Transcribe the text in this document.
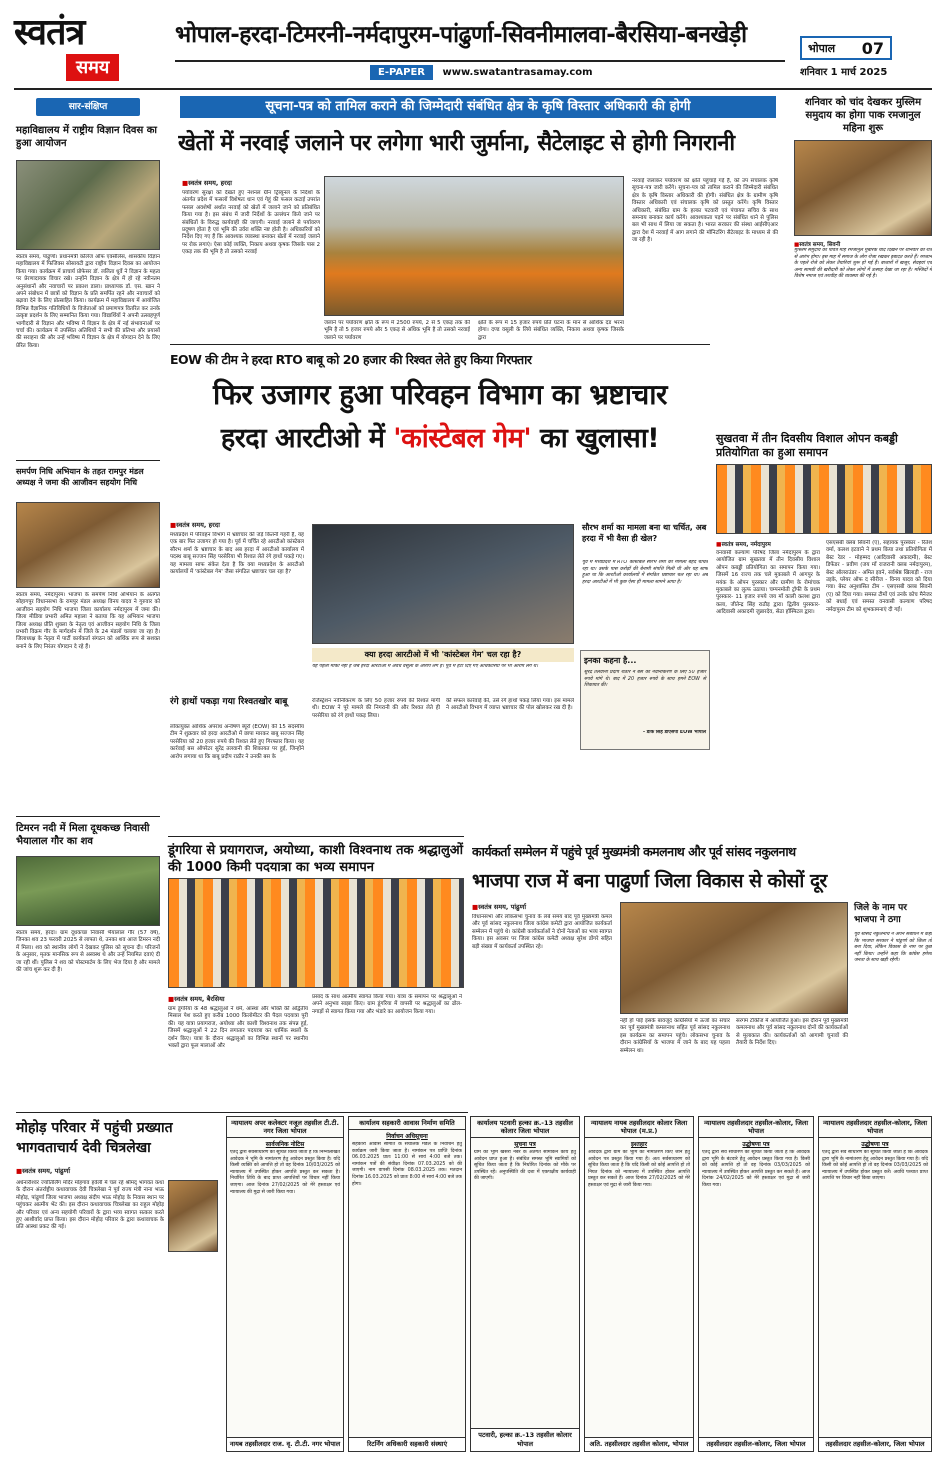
स्वतंत्र
समय
भोपाल-हरदा-टिमरनी-नर्मदापुरम-पांढुर्णा-सिवनीमालवा-बैरसिया-बनखेड़ी
E-PAPER www.swatantrasamay.com
भोपाल 07
शनिवार 1 मार्च 2025
सार-संक्षिप्त
महाविद्यालय में राष्ट्रीय विज्ञान दिवस का हुआ आयोजन
स्वतंत्र समय, पांढुर्णा। प्रधानमंत्री कॉलेज ऑफ एक्सीलेंस, शासकीय विज्ञान महाविद्यालय में फिजिक्स सोसायटी द्वारा राष्ट्रीय विज्ञान दिवस का आयोजन किया गया। कार्यक्रम में प्राचार्य प्रोफेसर डॉ. ललिता धुर्वे ने विज्ञान के महत्व पर प्रेरणादायक विचार रखे। उन्होंने विज्ञान के क्षेत्र में हो रहे नवीनतम अनुसंधानों और नवाचारों पर प्रकाश डाला। प्राध्यापक डॉ. एस. खान ने अपने संबोधन में छात्रों को विज्ञान के प्रति समर्पित रहने और नवाचारों को बढ़ावा देने के लिए प्रोत्साहित किया। कार्यक्रम में महाविद्यालय में आयोजित विभिन्न वैज्ञानिक गतिविधियों के विजेताओं को प्रमाणपत्र वितरित कर उनके उत्कृष्ट प्रदर्शन के लिए सम्मानित किया गया। विद्यार्थियों ने अपनी उत्साहपूर्ण भागीदारी से विज्ञान और भविष्य में विज्ञान के क्षेत्र में नई संभावनाओं पर चर्चा की। कार्यक्रम में उपस्थित अतिथियों ने सभी की प्रतिभा और प्रयासों की सराहना की और उन्हें भविष्य में विज्ञान के क्षेत्र में योगदान देने के लिए प्रेरित किया।
समर्पण निधि अभियान के तहत रामपुर मंडल अध्यक्ष ने जमा की आजीवन सहयोग निधि
स्वतंत्र समय, नर्मदापुरम। भाजपा के समर्पण निधि अभियान के अंतर्गत सोहागपुर विधानसभा के रामपुर मंडल अध्यक्ष विनय यादव ने गुरुवार को आजीवन सहयोग निधि भाजपा जिला कार्यालय नर्मदापुरम में जमा की। जिला मीडिया प्रभारी अमित महाला ने बताया कि यह अभियान भाजपा जिला अध्यक्ष प्रीति शुक्ला के नेतृत्व एवं आजीवन सहयोग निधि के जिला प्रभारी विक्रम गौर के मार्गदर्शन में जिले के 24 मंडलों चलाया जा रहा है। जिलाध्यक्ष के नेतृत्व में पार्टी कार्यकर्ता संगठन को आर्थिक रूप से सशक्त बनाने के लिए निरंतर योगदान दे रहे हैं।
टिमरन नदी में मिला दूधकच्छ निवासी भैयालाल गौर का शव
स्वतंत्र समय, हरदा। ग्राम दूधकच्छ निवासी भैयालाल गौर (57 वर्ष), जिनका शव 23 फरवरी 2025 से लापता थे, उनका शव आज टिमरन नदी में मिला। शव को स्थानीय लोगों ने देखकर पुलिस को सूचना दी। परिजनों के अनुसार, मृतक मानसिक रूप से अस्वस्थ थे और उन्हें नियमित दवाएं दी जा रही थीं। पुलिस ने शव को पोस्टमार्टम के लिए भेज दिया है और मामले की जांच शुरू कर दी है।
सूचना-पत्र को तामिल कराने की जिम्मेदारी संबंधित क्षेत्र के कृषि विस्तार अधिकारी की होगी
खेतों में नरवाई जलाने पर लगेगा भारी जुर्माना, सैटेलाइट से होगी निगरानी
■ स्वतंत्र समय, हरदा
पर्यावरण सुरक्षा को देखते हुए नेशनल ग्रीन ट्रिब्यूनल के निर्देशों के अंतर्गत प्रदेश में फसलों विशेषतः धान एवं गेहूं की फसल कटाई उपरांत फसल अवशेषों अर्थात नरवाई को खेतों में जलाने जाने को प्रतिबंधित किया गया है। इस संबंध में जारी निर्देशों के उल्लंघन किये जाने पर संबंधितों के विरुद्ध कार्यवाही की जाएगी। नरवाई जलाने से पर्यावरण प्रदूषण होता है एवं भूमि की उर्वरा शक्ति नष्ट होती है। अधिकारियों को निर्देश दिए गए हैं कि आवश्यक व्यवस्था बनाकर खेतों में नरवाई जलाने पर रोक लगाएं। ऐसा कोई व्यक्ति, निकाय अथवा कृषक जिसके पास 2 एकड़ तक की भूमि है तो उसको नरवाई
जलाने पर पर्यावरण क्षति के रूप में 2500 रुपये, 2 से 5 एकड़ तक की भूमि है तो 5 हजार रुपये और 5 एकड़ से अधिक भूमि है तो उसको नरवाई जलाने पर पर्यावरण
क्षति के रूप में 15 हजार रुपये प्रति घटना के मान से आर्थिक दंड भरना होगा। दण्ड वसूली के लिये संबंधित व्यक्ति, निकाय अथवा कृषक जिसके द्वारा
नरवाई जलाकर पर्यावरण को क्षति पहुंचाई गई है, को उप संचालक कृषि सूचना-पत्र जारी करेंगे। सूचना-पत्र को तामिल कराने की जिम्मेदारी संबंधित क्षेत्र के कृषि विस्तार अधिकारी की होगी। संबंधित क्षेत्र के ग्रामीण कृषि विस्तार अधिकारी एवं संचालक कृषि को प्रस्तुत करेंगे। कृषि विस्तार अधिकारी, संबंधित ग्राम के हल्का पटवारी एवं पंचायत सचिव के साथ समन्वय बनाकर कार्य करेंगे। आवश्यकता पड़ने पर संबंधित थाने से पुलिस बल भी साथ में लिया जा सकता है। भारत सरकार की संस्था आईसीएआर द्वारा देश में नरवाई में आग लगाने की मॉनिटरिंग सैटेलाइट के माध्यम से की जा रही है।
शनिवार को चांद देखकर मुस्लिम समुदाय का होगा पाक रमजानुल महिना शुरू
■ स्वतंत्र समय, सिवनी
मुस्लिम समुदाय का पवित्र माह रमजानुल मुबारक चांद दिखने पर शनिवार की रात से आरंभ होगा। इस माह में समाज के लोग रोजा रखकर इबादत करते हैं। रमजान के पहले रोजे को लेकर तैयारियां शुरू हो गई हैं। बाजारों में खजूर, सेवइयां एवं अन्य सामग्री की खरीदारी को लेकर लोगों में उत्साह देखा जा रहा है। मस्जिदों में विशेष नमाज एवं तरावीह की व्यवस्था की गई है।
EOW की टीम ने हरदा RTO बाबू को 20 हजार की रिश्वत लेते हुए किया गिरफ्तार
फिर उजागर हुआ परिवहन विभाग का भ्रष्टाचार
हरदा आरटीओ में 'कांस्टेबल गेम' का खुलासा!
■ स्वतंत्र समय, हरदा
मध्यप्रदेश में परिवहन विभाग में भ्रष्टाचार की जड़ें कितनी गहरी हैं, यह एक बार फिर उजागर हो गया है। पूर्व में चर्चित रहे आरटीओ कांस्टेबल सौरभ शर्मा के भ्रष्टाचार के बाद अब हरदा में आरटीओ कार्यालय में पदस्थ बाबू सज्जन सिंह परसेरिया भी रिश्वत लेते रंगे हाथों पकड़े गए। यह मामला साफ संकेत देता है कि क्या मध्यप्रदेश के आरटीओ कार्यालयों में 'कांस्टेबल गेम' जैसा संगठित भ्रष्टाचार चल रहा है?
रंगे हाथों पकड़ा गया रिश्वतखोर बाबू
लोकायुक्त आर्थिक अपराध अन्वेषण ब्यूरो (EOW) की 15 सदस्यीय टीम ने शुक्रवार को हरदा आरटीओ में छापा मारकर बाबू सज्जन सिंह परसेरिया को 20 हजार रुपये की रिश्वत लेते हुए गिरफ्तार किया। यह कार्रवाई बस ऑपरेटर सुरेंद्र तलवानी की शिकायत पर हुई, जिन्होंने आरोप लगाया था कि बाबू प्रदीप राठौर ने उनकी बस के
क्या हरदा आरटीओ में भी 'कांस्टेबल गेम' चल रहा है?
यह पहला मौका नहीं है जब हरदा आरटीओ में अवैध वसूली के आरोप लगे हैं। पूर्व में हटा दिए गए अधिकारियों पर भी आरोप लगे थे।
रजिस्ट्रेशन नवीनीकरण के लिए 50 हजार रुपये की रिश्वत मांगी थी। EOW ने पूरे मामले की निगरानी की और रिश्वत लेते ही परसेरिया को रंगे हाथों पकड़ लिया।
की सफल कार्रवाई की, उसे रंगे हाथों पकड़ लिया गया। इस मामले ने आरटीओ विभाग में व्याप्त भ्रष्टाचार की पोल खोलकर रख दी है।
सौरभ शर्मा का मामला बना था चर्चित, अब हरदा में भी वैसा ही खेल?
पूर्व में मध्यप्रदेश में RTO कांस्टेबल सौरभ शर्मा का मामला बेहद चर्चित रहा था। उसके पास करोड़ों की बेनामी संपत्ति मिली थी और यह साफ हुआ था कि आरटीओ कार्यालयों में संगठित भ्रष्टाचार चल रहा था। अब हरदा आरटीओ में भी कुछ ऐसा ही मामला सामने आया है।
इनका कहना है...
सुरेंद्र तलवानी प्रदीप राठौर ने बस की नवीनीकरण के लिए 50 हजार रुपये मांगे थे। बाद में 20 हजार रुपये के साथ हमने EOW से शिकायत की।
- डीके सिंह डीएसपी EOW भोपाल
सुखतवा में तीन दिवसीय विशाल ओपन कबड्डी प्रतियोगिता का हुआ समापन
■ स्वतंत्र समय, नर्मदापुरम
वनवासी कल्याण परिषद जिला नर्मदापुरम के द्वारा आयोजित ग्राम सुखतवा में तीन दिवसीय विशाल ओपन कबड्डी प्रतियोगिता का समापन किया गया। जिसमें 16 राज्य तक चले मुकाबले में आगपुर के मयंक के ओपन पुरस्कार और ग्रामीण के रोमांचक मुकाबले का लुत्फ उठाया। चम्पनमोती ट्रॉफी के प्रथम पुरस्कार- 11 हजार रुपये जय माँ काली कलश द्वारा कला, जीतेन्द्र सिंह राठौड़ द्वारा। द्वितीय पुरस्कार- आदिवासी अकादमी जुन्नारदेव, सेठा हॉस्पिटल द्वारा।
एसएसबी क्लब सिवनी (ए), सहायक पुरस्कार - रितेश वर्मा, कलश इटवाने ने प्रथम किया तथा प्रतियोगिता में बेस्ट रेडर - मोहम्मद (आदिवासी अकादमी), बेस्ट डिफेंडर - प्रवीण (जय माँ राजरानी क्लब नर्मदापुरम), बेस्ट ऑलराउंडर - अमित इवने, सर्वश्रेष्ठ खिलाड़ी - राज उइके, प्लेयर ऑफ द सीरीज - विनय यादव को दिया गया। बेस्ट अनुशासित टीम - एसएसबी क्लब सिवनी (ए) को दिया गया। समस्त टीमों एवं उनके कोच मैनेजर को बधाई एवं समस्त वनवासी कल्याण परिषद नर्मदापुरम टीम को शुभकामनाएं दी गईं।
डूंगरिया से प्रयागराज, अयोध्या, काशी विश्वनाथ तक श्रद्धालुओं की 1000 किमी पदयात्रा का भव्य समापन
■ स्वतंत्र समय, बैरसिया
ग्राम डूंगरिया के 48 श्रद्धालुओं ने धर्म, आस्था और भक्ति की अद्वितीय मिसाल पेश करते हुए करीब 1000 किलोमीटर की पैदल पदयात्रा पूरी की। यह यात्रा प्रयागराज, अयोध्या और काशी विश्वनाथ तक संपन्न हुई, जिसमें श्रद्धालुओं ने 22 दिन लगातार पदयात्रा कर धार्मिक स्थलों के दर्शन किए। यात्रा के दौरान श्रद्धालुओं का विभिन्न स्थानों पर स्थानीय भक्तों द्वारा फूल मालाओं और
प्रसाद के साथ आत्मीय स्वागत किया गया। यात्रा के समापन पर श्रद्धालुओं ने अपने अनुभव साझा किए। ग्राम डूंगरिया में वापसी पर श्रद्धालुओं का ढोल-नगाड़ों से स्वागत किया गया और भंडारे का आयोजन किया गया।
कार्यकर्ता सम्मेलन में पहुंचे पूर्व मुख्यमंत्री कमलनाथ और पूर्व सांसद नकुलनाथ
भाजपा राज में बना पाढुर्णा जिला विकास से कोसों दूर
■ स्वतंत्र समय, पांढुर्णा
विधानसभा और लोकसभा चुनाव के लंबे समय बाद पूर्व मुख्यमंत्री कमल और पूर्व सांसद नकुलनाथ जिला कांग्रेस कमेटी द्वारा आयोजित कार्यकर्ता सम्मेलन में पहुंचे थे। कांग्रेसी कार्यकर्ताओं ने दोनों नेताओं का भव्य स्वागत किया। इस अवसर पर जिला कांग्रेस कमेटी अध्यक्ष सुरेश डोंगरे सहित बड़ी संख्या में कार्यकर्ता उपस्थित रहे।
नहीं हो पाई इसके बावजूद कांग्रेसियों में ऊर्जा का संचार कर पूर्व मुख्यमंत्री कमलनाथ सहित पूर्व सांसद नकुलनाथ इस कार्यक्रम का समापन पहुंचे। लोकसभा चुनाव के दौरान कांग्रेसियों के भाजपा में जाने के बाद यह पहला सम्मेलन था।
सरगम टॉकीज में आयोजित हुआ। इस दौरान पूर्व मुख्यमंत्री कमलनाथ और पूर्व सांसद नकुलनाथ दोनों की कार्यकर्ताओं से मुलाकात की। कार्यकर्ताओं को आगामी चुनावों की तैयारी के निर्देश दिए।
जिले के नाम पर भाजपा ने ठगा
पूर्व सांसद नकुलनाथ ने अपने संबोधन में कहा कि भाजपा सरकार ने पांढुर्णा को जिला तो बना दिया, लेकिन विकास के नाम पर कुछ नहीं किया। उन्होंने कहा कि कांग्रेस हमेशा जनता के साथ खड़ी रहेगी।
मोहोड़ परिवार में पहुंची प्रख्यात भागवताचार्य देवी चित्रलेखा
■ स्वतंत्र समय, पांढुर्णा
अर्धनारीश्वर ज्योतिर्लिंग मंदिर मोहगांव हवेली में चल रहे श्रीमद् भागवत कथा के दौरान अंतर्राष्ट्रीय कथावाचक देवी चित्रलेखा ने पूर्व राज्य मंत्री नाना भाऊ मोहोड़, पांढुर्णा जिला भाजपा अध्यक्ष संदीप भाऊ मोहोड़ के निवास स्थान पर पहुंचकर आत्मीय भेंट की। इस दौरान कथावाचक चित्रलेखा का राहुल मोहोड़ और परिवार एवं अन्य सहयोगी परिवारों के द्वारा भव्य स्वागत सत्कार करते हुए आशीर्वाद प्राप्त किया। इस दौरान मोहोड़ परिवार के द्वारा कथावाचक के प्रति आस्था प्रकट की गई।
न्यायालय अपर कलेक्टर नजूल तहसील टी.टी. नगर जिला भोपाल
सार्वजनिक नोटिस
एतद् द्वारा सर्वसाधारण को सूचित किया जाता है कि निम्नलिखित आवेदक ने भूमि के नामांतरण हेतु आवेदन प्रस्तुत किया है। यदि किसी व्यक्ति को आपत्ति हो तो वह दिनांक 10/03/2025 को न्यायालय में उपस्थित होकर आपत्ति प्रस्तुत कर सकता है। निर्धारित तिथि के बाद प्राप्त आपत्तियों पर विचार नहीं किया जाएगा। आज दिनांक 27/02/2025 को मेरे हस्ताक्षर एवं न्यायालय की मुद्रा से जारी किया गया।
नायब तहसीलदार राज. वृ. टी.टी. नगर भोपाल
कार्यालय सहकारी आवास निर्माण समिति
निर्वाचन अधिसूचना
सहकारी आवास समिति के संचालक मंडल के निर्वाचन हेतु कार्यक्रम जारी किया जाता है। नामांकन पत्र प्राप्ति दिनांक 06.03.2025 प्रातः 11:00 से सायं 4:00 बजे तक। नामांकन पत्रों की संवीक्षा दिनांक 07.03.2025 को की जाएगी। नाम वापसी दिनांक 08.03.2025 तक। मतदान दिनांक 16.03.2025 को प्रातः 8:00 से सायं 4:00 बजे तक होगा।
रिटर्निंग अधिकारी सहकारी संस्थाएं
कार्यालय पटवारी हल्का क्र.-13 तहसील कोलार जिला भोपाल
सूचना पत्र
ग्राम की भूमि खसरा नंबर के अंतर्गत सीमांकन कार्य हेतु आवेदन प्राप्त हुआ है। संबंधित समस्त भूमि स्वामियों को सूचित किया जाता है कि निर्धारित दिनांक को मौके पर उपस्थित रहें। अनुपस्थिति की दशा में एकपक्षीय कार्यवाही की जाएगी।
पटवारी, हल्का क्र.-13 तहसील कोलार भोपाल
न्यायालय नायब तहसीलदार कोलार जिला भोपाल (म.प्र.)
इश्तहार
आवेदक द्वारा ग्राम की भूमि का नामांतरण किए जाने हेतु आवेदन पत्र प्रस्तुत किया गया है। अतः सर्वसाधारण को सूचित किया जाता है कि यदि किसी को कोई आपत्ति हो तो नियत दिनांक को न्यायालय में उपस्थित होकर आपत्ति प्रस्तुत कर सकते हैं। आज दिनांक 27/02/2025 को मेरे हस्ताक्षर एवं मुद्रा से जारी किया गया।
अति. तहसीलदार तहसील कोलार, भोपाल
न्यायालय तहसीलदार तहसील-कोलार, जिला भोपाल
उद्घोषणा पत्र
एतद् द्वारा सर्व साधारण को सूचित किया जाता है कि आवेदक द्वारा भूमि के बंटवारे हेतु आवेदन प्रस्तुत किया गया है। किसी को कोई आपत्ति हो तो वह दिनांक 03/03/2025 को न्यायालय में उपस्थित होकर आपत्ति प्रस्तुत कर सकते हैं। आज दिनांक 24/02/2025 को मेरे हस्ताक्षर एवं मुद्रा से जारी किया गया।
तहसीलदार तहसील-कोलार, जिला भोपाल
न्यायालय तहसीलदार तहसील-कोलार, जिला भोपाल
उद्घोषणा पत्र
एतद् द्वारा सर्व साधारण को सूचित किया जाता है कि आवेदक द्वारा भूमि के नामांतरण हेतु आवेदन प्रस्तुत किया गया है। यदि किसी को कोई आपत्ति हो तो वह दिनांक 03/03/2025 को न्यायालय में उपस्थित होकर प्रस्तुत करें। अवधि पश्चात प्राप्त आपत्ति पर विचार नहीं किया जाएगा।
तहसीलदार तहसील-कोलार, जिला भोपाल
